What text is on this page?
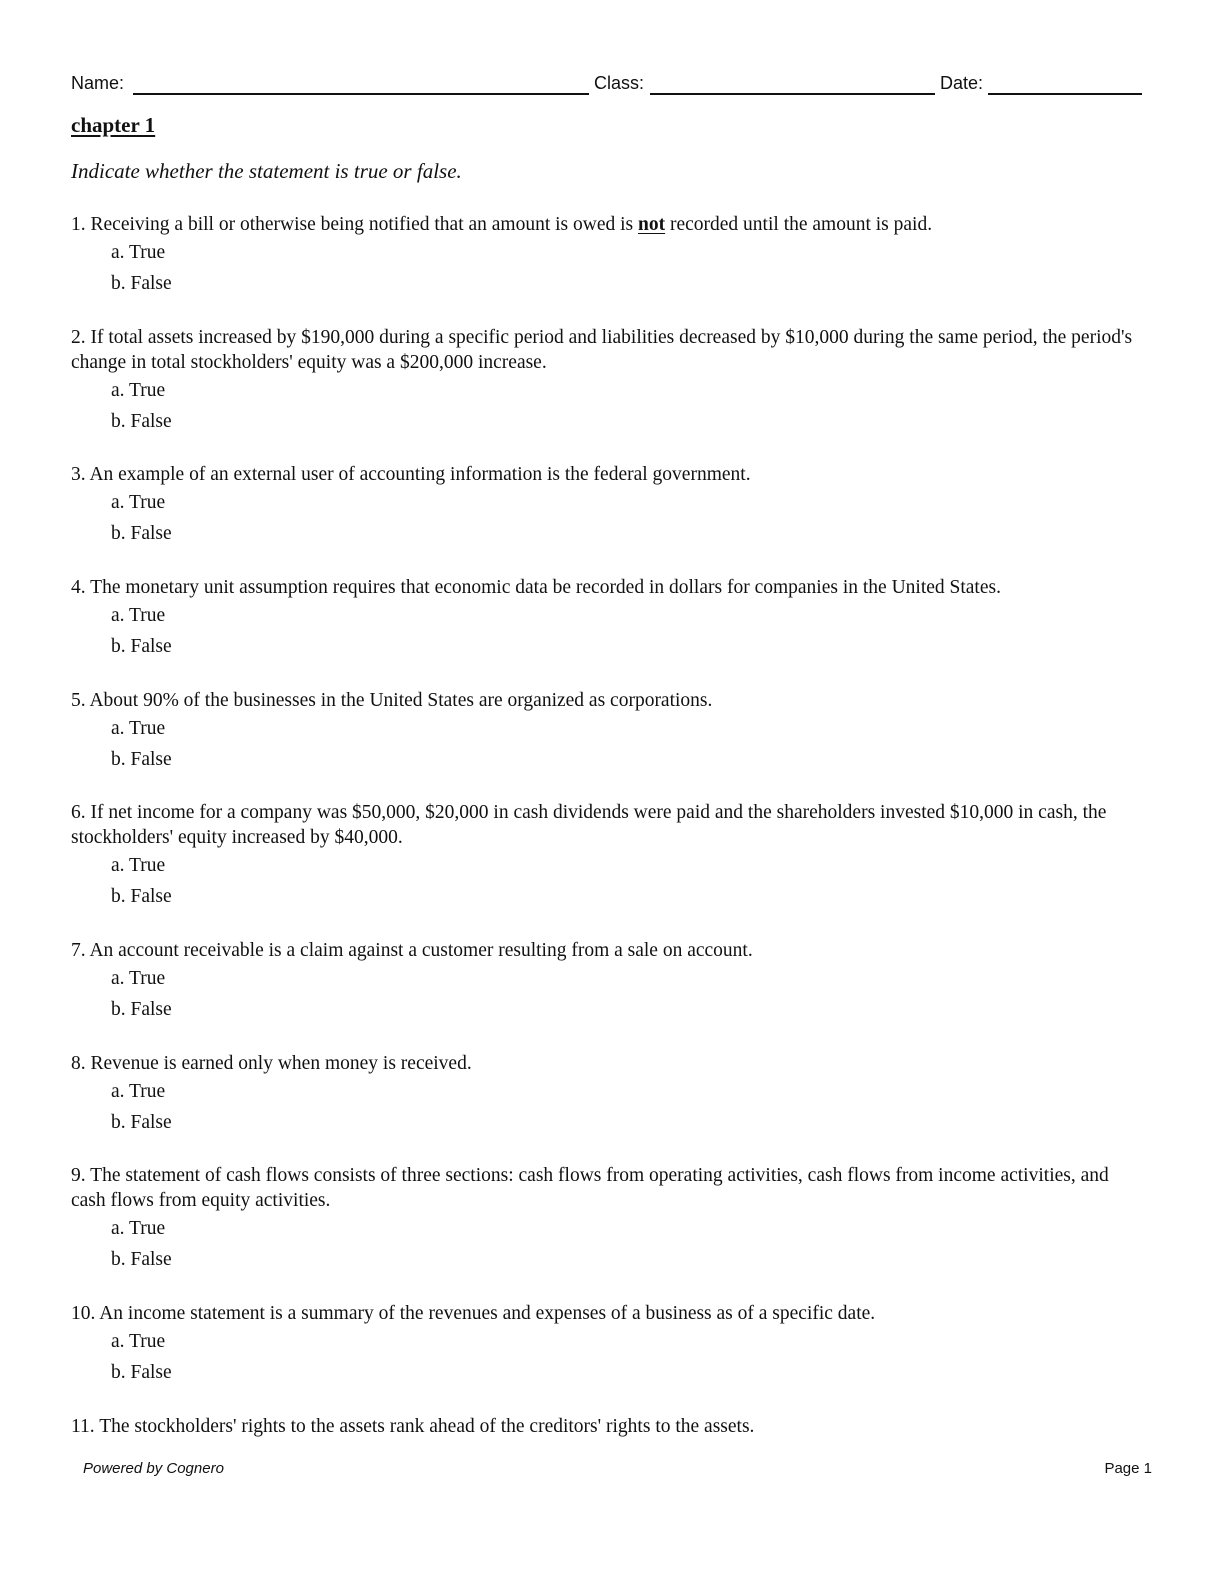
Name:	Class:	Date:
chapter 1
Indicate whether the statement is true or false.

1. Receiving a bill or otherwise being notified that an amount is owed is not recorded until the amount is paid.

a. True
b. False

2. If total assets increased by $190,000 during a specific period and liabilities decreased by $10,000 during the same period, the period's change in total stockholders' equity was a $200,000 increase.

a. True
b. False

3. An example of an external user of accounting information is the federal government.

a. True
b. False

4. The monetary unit assumption requires that economic data be recorded in dollars for companies in the United States.

a. True
b. False

5. About 90% of the businesses in the United States are organized as corporations.

a. True
b. False

6. If net income for a company was $50,000, $20,000 in cash dividends were paid and the shareholders invested $10,000 in cash, the stockholders' equity increased by $40,000.

a. True
b. False

7. An account receivable is a claim against a customer resulting from a sale on account.

a. True
b. False

8. Revenue is earned only when money is received.

a. True
b. False

9. The statement of cash flows consists of three sections: cash flows from operating activities, cash flows from income activities, and cash flows from equity activities.

a. True
b. False

10. An income statement is a summary of the revenues and expenses of a business as of a specific date.

a. True
b. False

11. The stockholders' rights to the assets rank ahead of the creditors' rights to the assets.

Powered by Cognero	Page 1
